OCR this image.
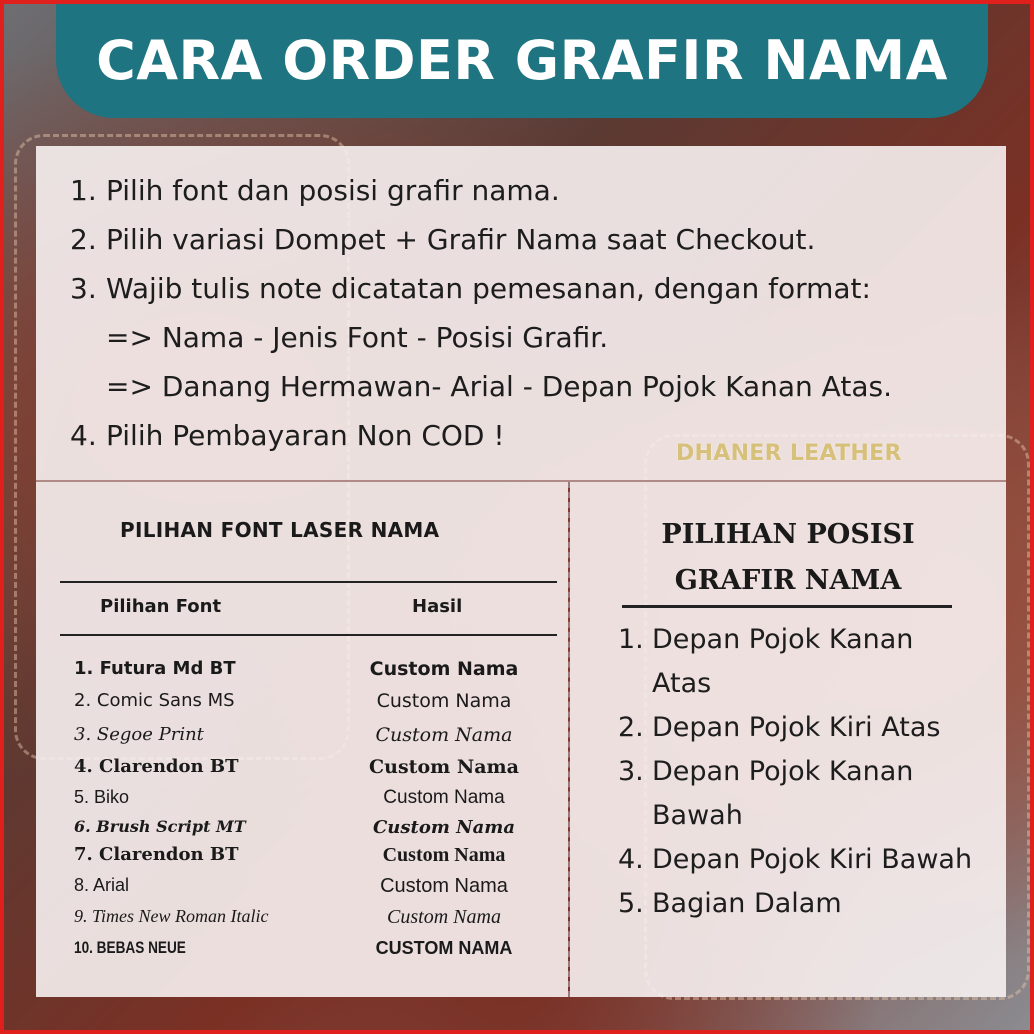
CARA ORDER GRAFIR NAMA
1. Pilih font dan posisi grafir nama.
2. Pilih variasi Dompet + Grafir Nama saat Checkout.
3. Wajib tulis note dicatatan pemesanan, dengan format:
=> Nama - Jenis Font - Posisi Grafir.
=> Danang Hermawan- Arial - Depan Pojok Kanan Atas.
4. Pilih Pembayaran Non COD !
DHANER LEATHER
PILIHAN FONT LASER NAMA
Pilihan Font	Hasil
1. Futura Md BT	Custom Nama
2. Comic Sans MS	Custom Nama
3. Segoe Print	Custom Nama
4. Clarendon BT	Custom Nama
5. Biko	Custom Nama
6. Brush Script MT	Custom Nama
7. Clarendon BT	Custom Nama
8. Arial	Custom Nama
9. Times New Roman Italic	Custom Nama
10. BEBAS NEUE	CUSTOM NAMA
PILIHAN POSISI
GRAFIR NAMA
1. Depan Pojok Kanan Atas
2. Depan Pojok Kiri Atas
3. Depan Pojok Kanan Bawah
4. Depan Pojok Kiri Bawah
5. Bagian Dalam
